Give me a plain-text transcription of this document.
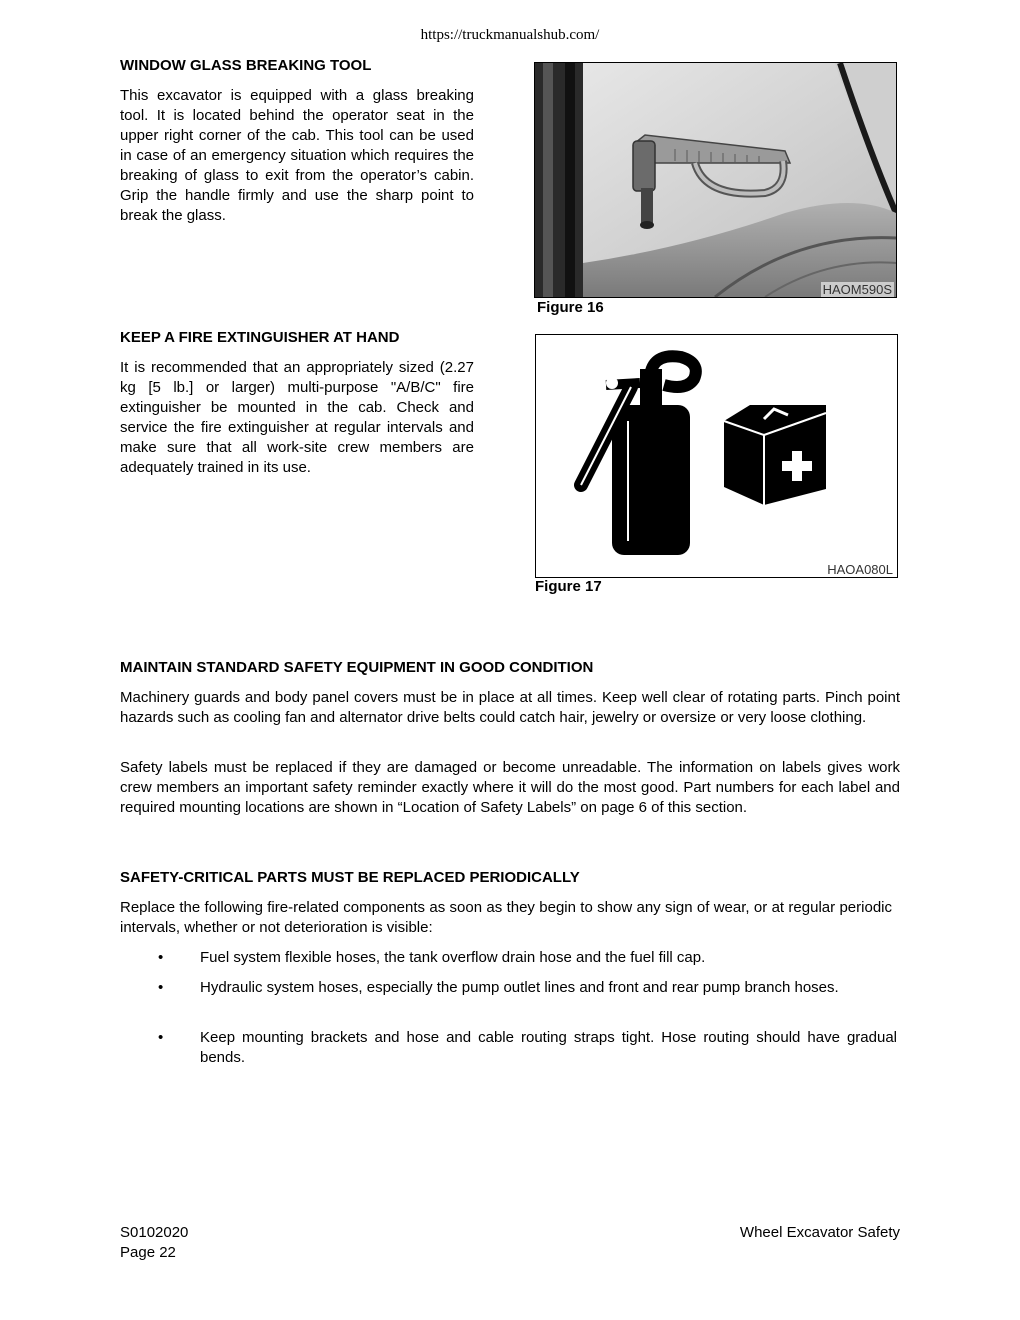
https://truckmanualshub.com/
WINDOW GLASS BREAKING TOOL

This excavator is equipped with a glass breaking tool. It is located behind the operator seat in the upper right corner of the cab. This tool can be used in case of an emergency situation which requires the breaking of glass to exit from the operator’s cabin. Grip the handle firmly and use the sharp point to break the glass.

HAOM590S
Figure 16
KEEP A FIRE EXTINGUISHER AT HAND

It is recommended that an appropriately sized (2.27 kg [5 lb.] or larger) multi-purpose "A/B/C" fire extinguisher be mounted in the cab. Check and service the fire extinguisher at regular intervals and make sure that all work-site crew members are adequately trained in its use.

HAOA080L
Figure 17
MAINTAIN STANDARD SAFETY EQUIPMENT IN GOOD CONDITION

Machinery guards and body panel covers must be in place at all times. Keep well clear of rotating parts. Pinch point hazards such as cooling fan and alternator drive belts could catch hair, jewelry or oversize or very loose clothing.

Safety labels must be replaced if they are damaged or become unreadable. The information on labels gives work crew members an important safety reminder exactly where it will do the most good. Part numbers for each label and required mounting locations are shown in “Location of Safety Labels” on page 6 of this section.

SAFETY-CRITICAL PARTS MUST BE REPLACED PERIODICALLY

Replace the following fire-related components as soon as they begin to show any sign of wear, or at regular periodic intervals, whether or not deterioration is visible:

• Fuel system flexible hoses, the tank overflow drain hose and the fuel fill cap.
• Hydraulic system hoses, especially the pump outlet lines and front and rear pump branch hoses.
• Keep mounting brackets and hose and cable routing straps tight. Hose routing should have gradual bends.
S0102020
Page 22
Wheel Excavator Safety
